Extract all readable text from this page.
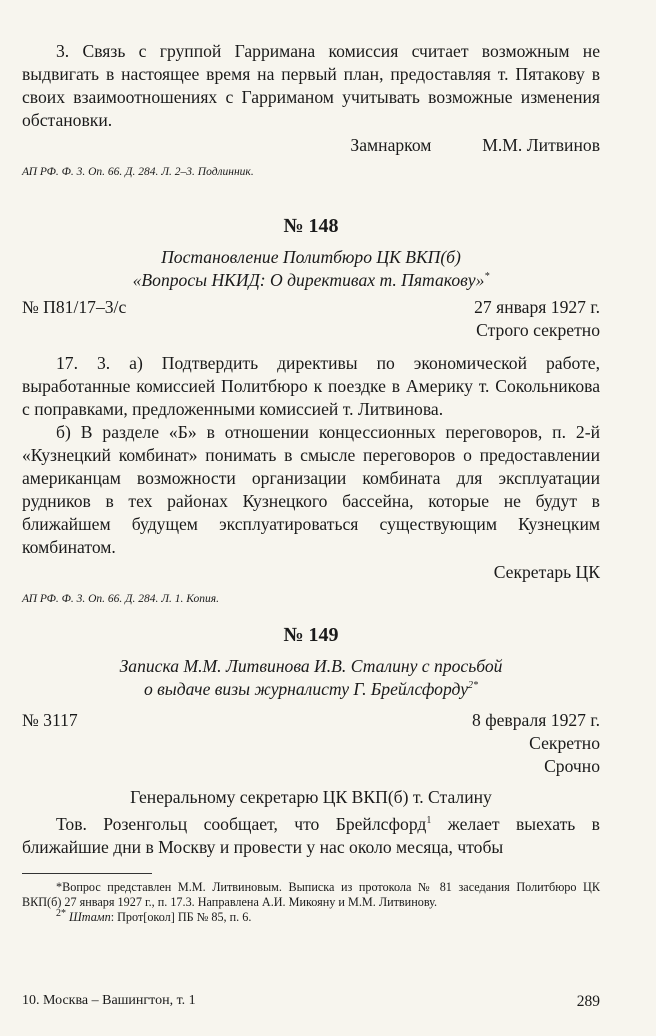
3. Связь с группой Гарримана комиссия считает возможным не выдвигать в настоящее время на первый план, предоставляя т. Пятакову в своих взаимоотношениях с Гарриманом учитывать возможные изменения обстановки.

Замнарком	М.М. Литвинов

АП РФ. Ф. 3. Оп. 66. Д. 284. Л. 2–3. Подлинник.

№ 148
Постановление Политбюро ЦК ВКП(б)
«Вопросы НКИД: О директивах т. Пятакову»*
№ П81/17–3/с	27 января 1927 г.
Строго секретно

17. 3. а) Подтвердить директивы по экономической работе, выработанные комиссией Политбюро к поездке в Америку т. Сокольникова с поправками, предложенными комиссией т. Литвинова.

б) В разделе «Б» в отношении концессионных переговоров, п. 2-й «Кузнецкий комбинат» понимать в смысле переговоров о предоставлении американцам возможности организации комбината для эксплуатации рудников в тех районах Кузнецкого бассейна, которые не будут в ближайшем будущем эксплуатироваться существующим Кузнецким комбинатом.

Секретарь ЦК

АП РФ. Ф. 3. Оп. 66. Д. 284. Л. 1. Копия.

№ 149
Записка М.М. Литвинова И.В. Сталину с просьбой
о выдаче визы журналисту Г. Брейлсфорду$^{2*}$
№ 3117	8 февраля 1927 г.
Секретно
Срочно
Генеральному секретарю ЦК ВКП(б) т. Сталину

Тов. Розенгольц сообщает, что Брейлсфорд$^1$ желает выехать в ближайшие дни в Москву и провести у нас около месяца, чтобы

*Вопрос представлен М.М. Литвиновым. Выписка из протокола № 81 заседания Политбюро ЦК ВКП(б) 27 января 1927 г., п. 17.3. Направлена А.И. Микояну и М.М. Литвинову.

$^{2*}$ Штамп: Прот[окол] ПБ № 85, п. 6.

10. Москва – Вашингтон, т. 1	289
